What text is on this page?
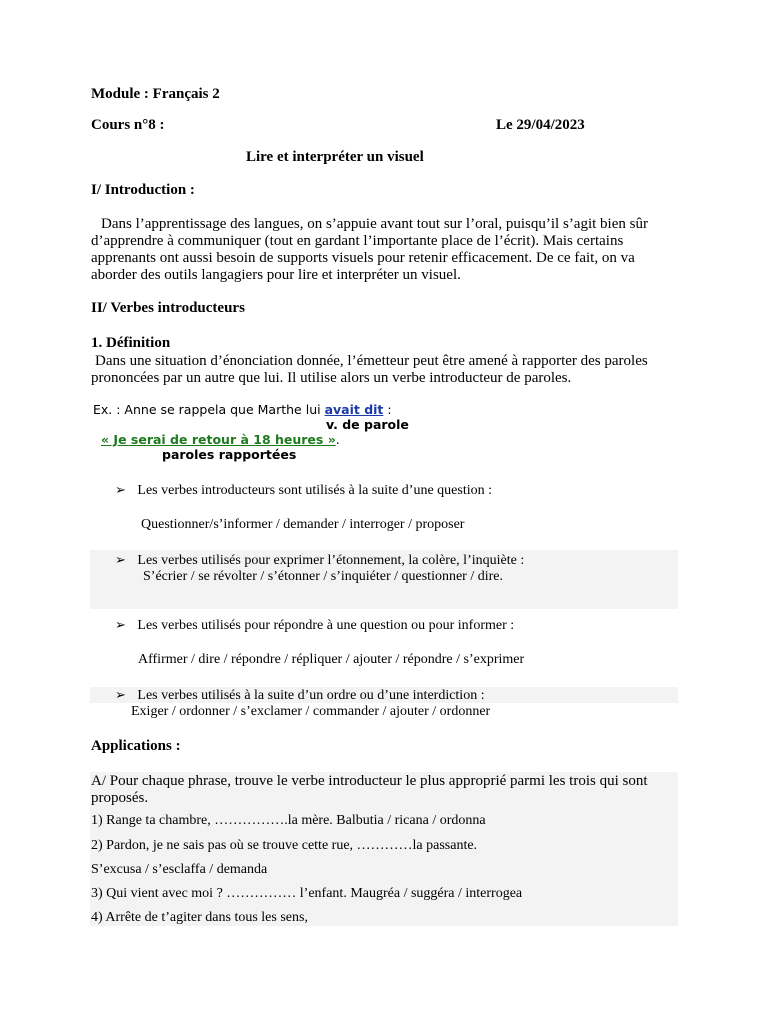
Module : Français 2
Cours n°8 :	Le 29/04/2023
Lire et interpréter un visuel
I/ Introduction :
Dans l’apprentissage des langues, on s’appuie avant tout sur l’oral, puisqu’il s’agit bien sûr d’apprendre à communiquer (tout en gardant l’importante place de l’écrit). Mais certains apprenants ont aussi besoin de supports visuels pour retenir efficacement. De ce fait, on va aborder des outils langagiers pour lire et interpréter un visuel.
II/ Verbes introducteurs
1. Définition
Dans une situation d’énonciation donnée, l’émetteur peut être amené à rapporter des paroles prononcées par un autre que lui. Il utilise alors un verbe introducteur de paroles.
Ex. : Anne se rappela que Marthe lui avait dit :
v. de parole
« Je serai de retour à 18 heures ».
paroles rapportées
➢ Les verbes introducteurs sont utilisés à la suite d’une question :
Questionner/s’informer / demander / interroger / proposer
➢ Les verbes utilisés pour exprimer l’étonnement, la colère, l’inquiète :
S’écrier / se révolter / s’étonner / s’inquiéter / questionner / dire.
➢ Les verbes utilisés pour répondre à une question ou pour informer :
Affirmer / dire / répondre / répliquer / ajouter / répondre / s’exprimer
➢ Les verbes utilisés à la suite d’un ordre ou d’une interdiction :
Exiger / ordonner / s’exclamer / commander / ajouter / ordonner
Applications :
A/ Pour chaque phrase, trouve le verbe introducteur le plus approprié parmi les trois qui sont proposés.
1) Range ta chambre, …………….la mère. Balbutia / ricana / ordonna
2) Pardon, je ne sais pas où se trouve cette rue, …………la passante.
S’excusa / s’esclaffa / demanda
3) Qui vient avec moi ? …………… l’enfant. Maugréa / suggéra / interrogea
4) Arrête de t’agiter dans tous les sens,
